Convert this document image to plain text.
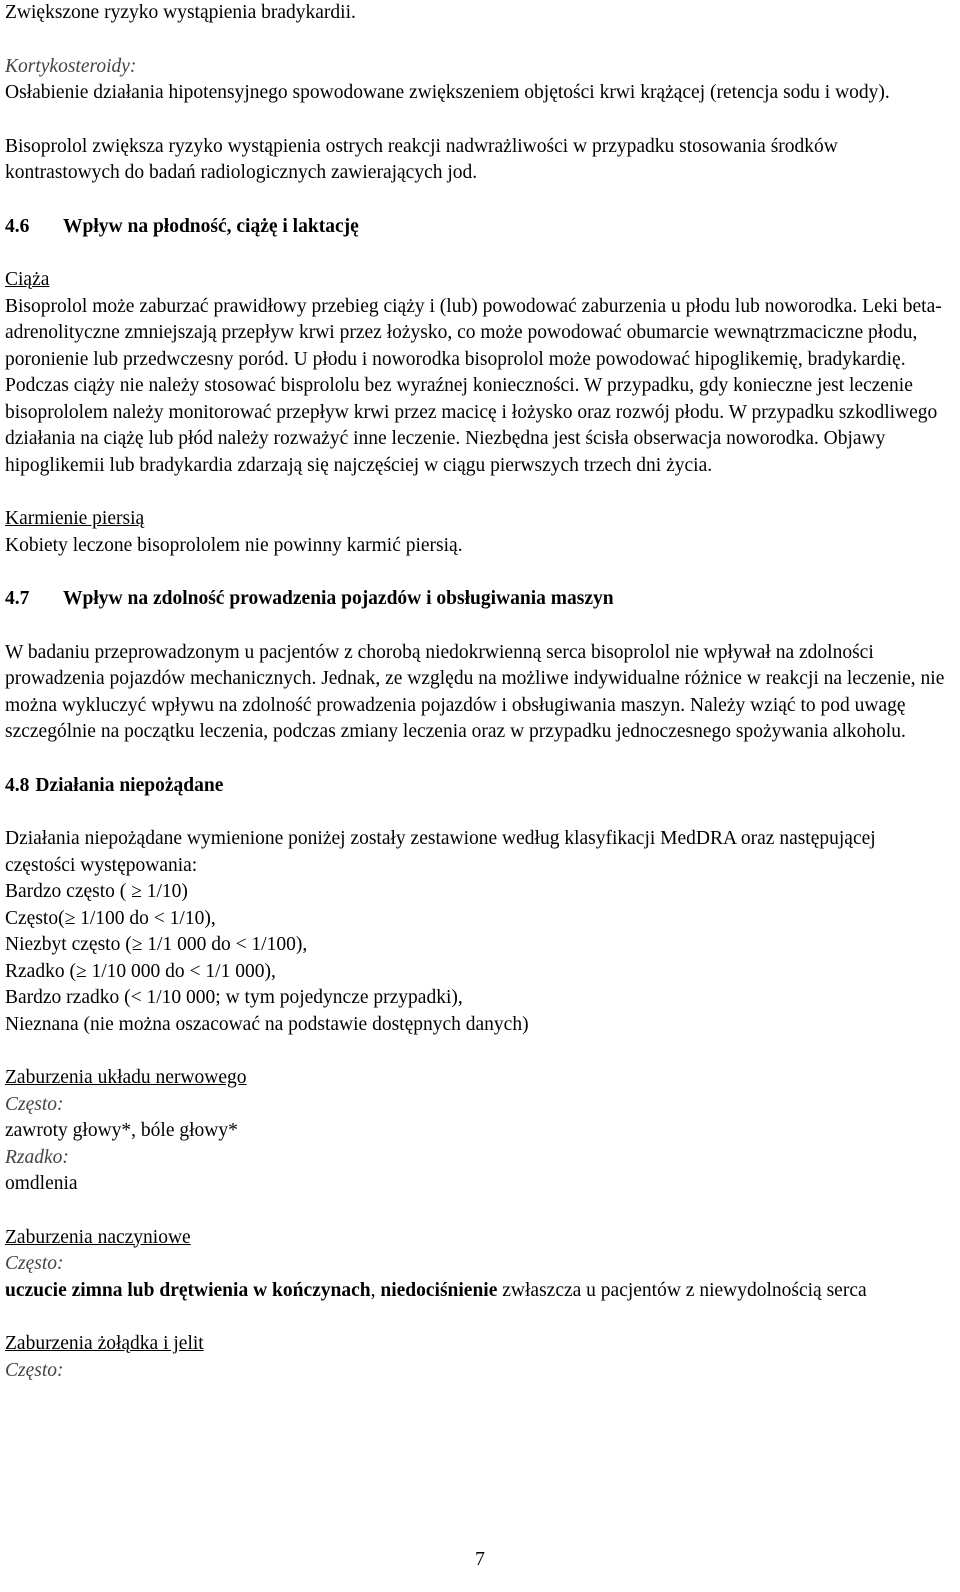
Zwiększone ryzyko wystąpienia bradykardii.

Kortykosteroidy:

Osłabienie działania hipotensyjnego spowodowane zwiększeniem objętości krwi krążącej (retencja sodu i wody).

Bisoprolol zwiększa ryzyko wystąpienia ostrych reakcji nadwrażliwości w przypadku stosowania środków kontrastowych do badań radiologicznych zawierających jod.

4.6 Wpływ na płodność, ciążę i laktację

Ciąża

Bisoprolol może zaburzać prawidłowy przebieg ciąży i (lub) powodować zaburzenia u płodu lub noworodka. Leki beta-adrenolityczne zmniejszają przepływ krwi przez łożysko, co może powodować obumarcie wewnątrzmaciczne płodu, poronienie lub przedwczesny poród. U płodu i noworodka bisoprolol może powodować hipoglikemię, bradykardię.

Podczas ciąży nie należy stosować bisprololu bez wyraźnej konieczności. W przypadku, gdy konieczne jest leczenie bisoprololem należy monitorować przepływ krwi przez macicę i łożysko oraz rozwój płodu. W przypadku szkodliwego działania na ciążę lub płód należy rozważyć inne leczenie. Niezbędna jest ścisła obserwacja noworodka. Objawy hipoglikemii lub bradykardia zdarzają się najczęściej w ciągu pierwszych trzech dni życia.

Karmienie piersią

Kobiety leczone bisoprololem nie powinny karmić piersią.

4.7 Wpływ na zdolność prowadzenia pojazdów i obsługiwania maszyn

W badaniu przeprowadzonym u pacjentów z chorobą niedokrwienną serca bisoprolol nie wpływał na zdolności prowadzenia pojazdów mechanicznych. Jednak, ze względu na możliwe indywidualne różnice w reakcji na leczenie, nie można wykluczyć wpływu na zdolność prowadzenia pojazdów i obsługiwania maszyn. Należy wziąć to pod uwagę szczególnie na początku leczenia, podczas zmiany leczenia oraz w przypadku jednoczesnego spożywania alkoholu.

4.8 Działania niepożądane

Działania niepożądane wymienione poniżej zostały zestawione według klasyfikacji MedDRA oraz następującej częstości występowania:

Bardzo często ( ≥ 1/10)

Często(≥ 1/100 do < 1/10),

Niezbyt często (≥ 1/1 000 do < 1/100),

Rzadko (≥ 1/10 000 do < 1/1 000),

Bardzo rzadko (< 1/10 000; w tym pojedyncze przypadki),

Nieznana (nie można oszacować na podstawie dostępnych danych)

Zaburzenia układu nerwowego

Często:

zawroty głowy*, bóle głowy*

Rzadko:

omdlenia

Zaburzenia naczyniowe

Często:

uczucie zimna lub drętwienia w kończynach, niedociśnienie zwłaszcza u pacjentów z niewydolnością serca

Zaburzenia żołądka i jelit

Często:

7
